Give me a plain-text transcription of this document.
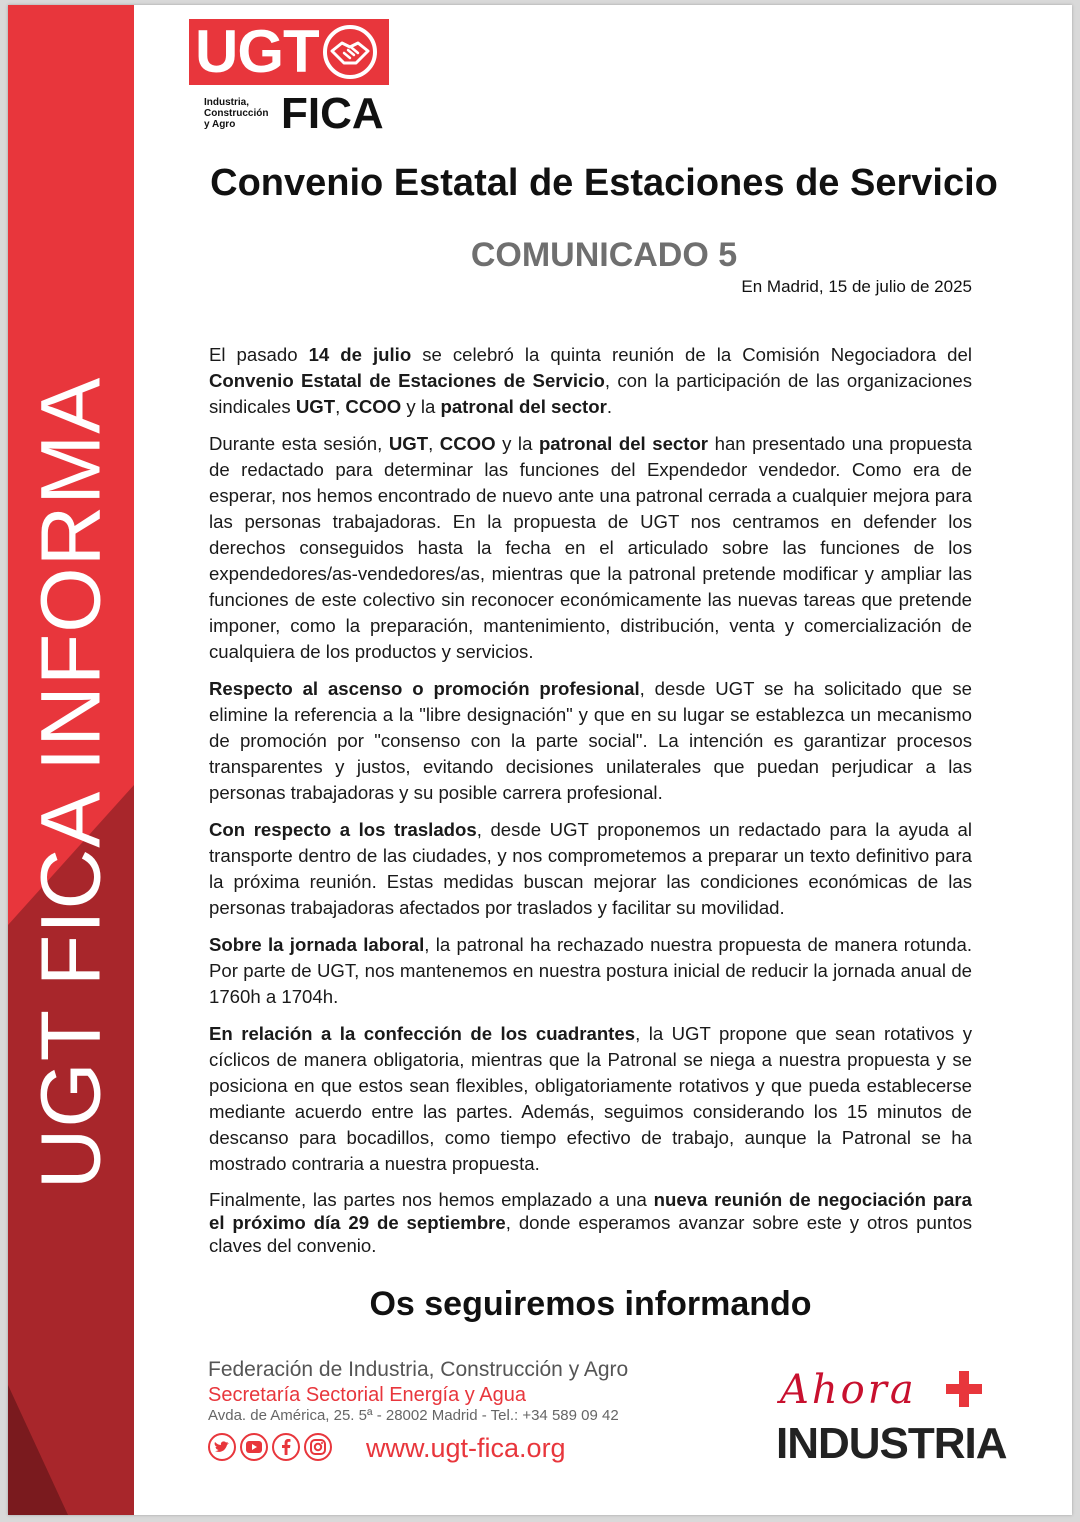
UGT FICA INFORMA
UGT
Industria,
Construcción
y Agro	FICA
Convenio Estatal de Estaciones de Servicio
COMUNICADO 5
En Madrid, 15 de julio de 2025

El pasado 14 de julio se celebró la quinta reunión de la Comisión Negociadora del Convenio Estatal de Estaciones de Servicio, con la participación de las organizaciones sindicales UGT, CCOO y la patronal del sector.

Durante esta sesión, UGT, CCOO y la patronal del sector han presentado una propuesta de redactado para determinar las funciones del Expendedor vendedor. Como era de esperar, nos hemos encontrado de nuevo ante una patronal cerrada a cualquier mejora para las personas trabajadoras. En la propuesta de UGT nos centramos en defender los derechos conseguidos hasta la fecha en el articulado sobre las funciones de los expendedores/as-vendedores/as, mientras que la patronal pretende modificar y ampliar las funciones de este colectivo sin reconocer económicamente las nuevas tareas que pretende imponer, como la preparación, mantenimiento, distribución, venta y comercialización de cualquiera de los productos y servicios.

Respecto al ascenso o promoción profesional, desde UGT se ha solicitado que se elimine la referencia a la "libre designación" y que en su lugar se establezca un mecanismo de promoción por "consenso con la parte social". La intención es garantizar procesos transparentes y justos, evitando decisiones unilaterales que puedan perjudicar a las personas trabajadoras y su posible carrera profesional.

Con respecto a los traslados, desde UGT proponemos un redactado para la ayuda al transporte dentro de las ciudades, y nos comprometemos a preparar un texto definitivo para la próxima reunión. Estas medidas buscan mejorar las condiciones económicas de las personas trabajadoras afectados por traslados y facilitar su movilidad.

Sobre la jornada laboral, la patronal ha rechazado nuestra propuesta de manera rotunda. Por parte de UGT, nos mantenemos en nuestra postura inicial de reducir la jornada anual de 1760h a 1704h.

En relación a la confección de los cuadrantes, la UGT propone que sean rotativos y cíclicos de manera obligatoria, mientras que la Patronal se niega a nuestra propuesta y se posiciona en que estos sean flexibles, obligatoriamente rotativos y que pueda establecerse mediante acuerdo entre las partes. Además, seguimos considerando los 15 minutos de descanso para bocadillos, como tiempo efectivo de trabajo, aunque la Patronal se ha mostrado contraria a nuestra propuesta.

Finalmente, las partes nos hemos emplazado a una nueva reunión de negociación para el próximo día 29 de septiembre, donde esperamos avanzar sobre este y otros puntos claves del convenio.

Os seguiremos informando
Federación de Industria, Construcción y Agro
Secretaría Sectorial Energía y Agua
Avda. de América, 25. 5ª - 28002 Madrid - Tel.: +34 589 09 42
www.ugt-fica.org
Ahora
INDUSTRIA
